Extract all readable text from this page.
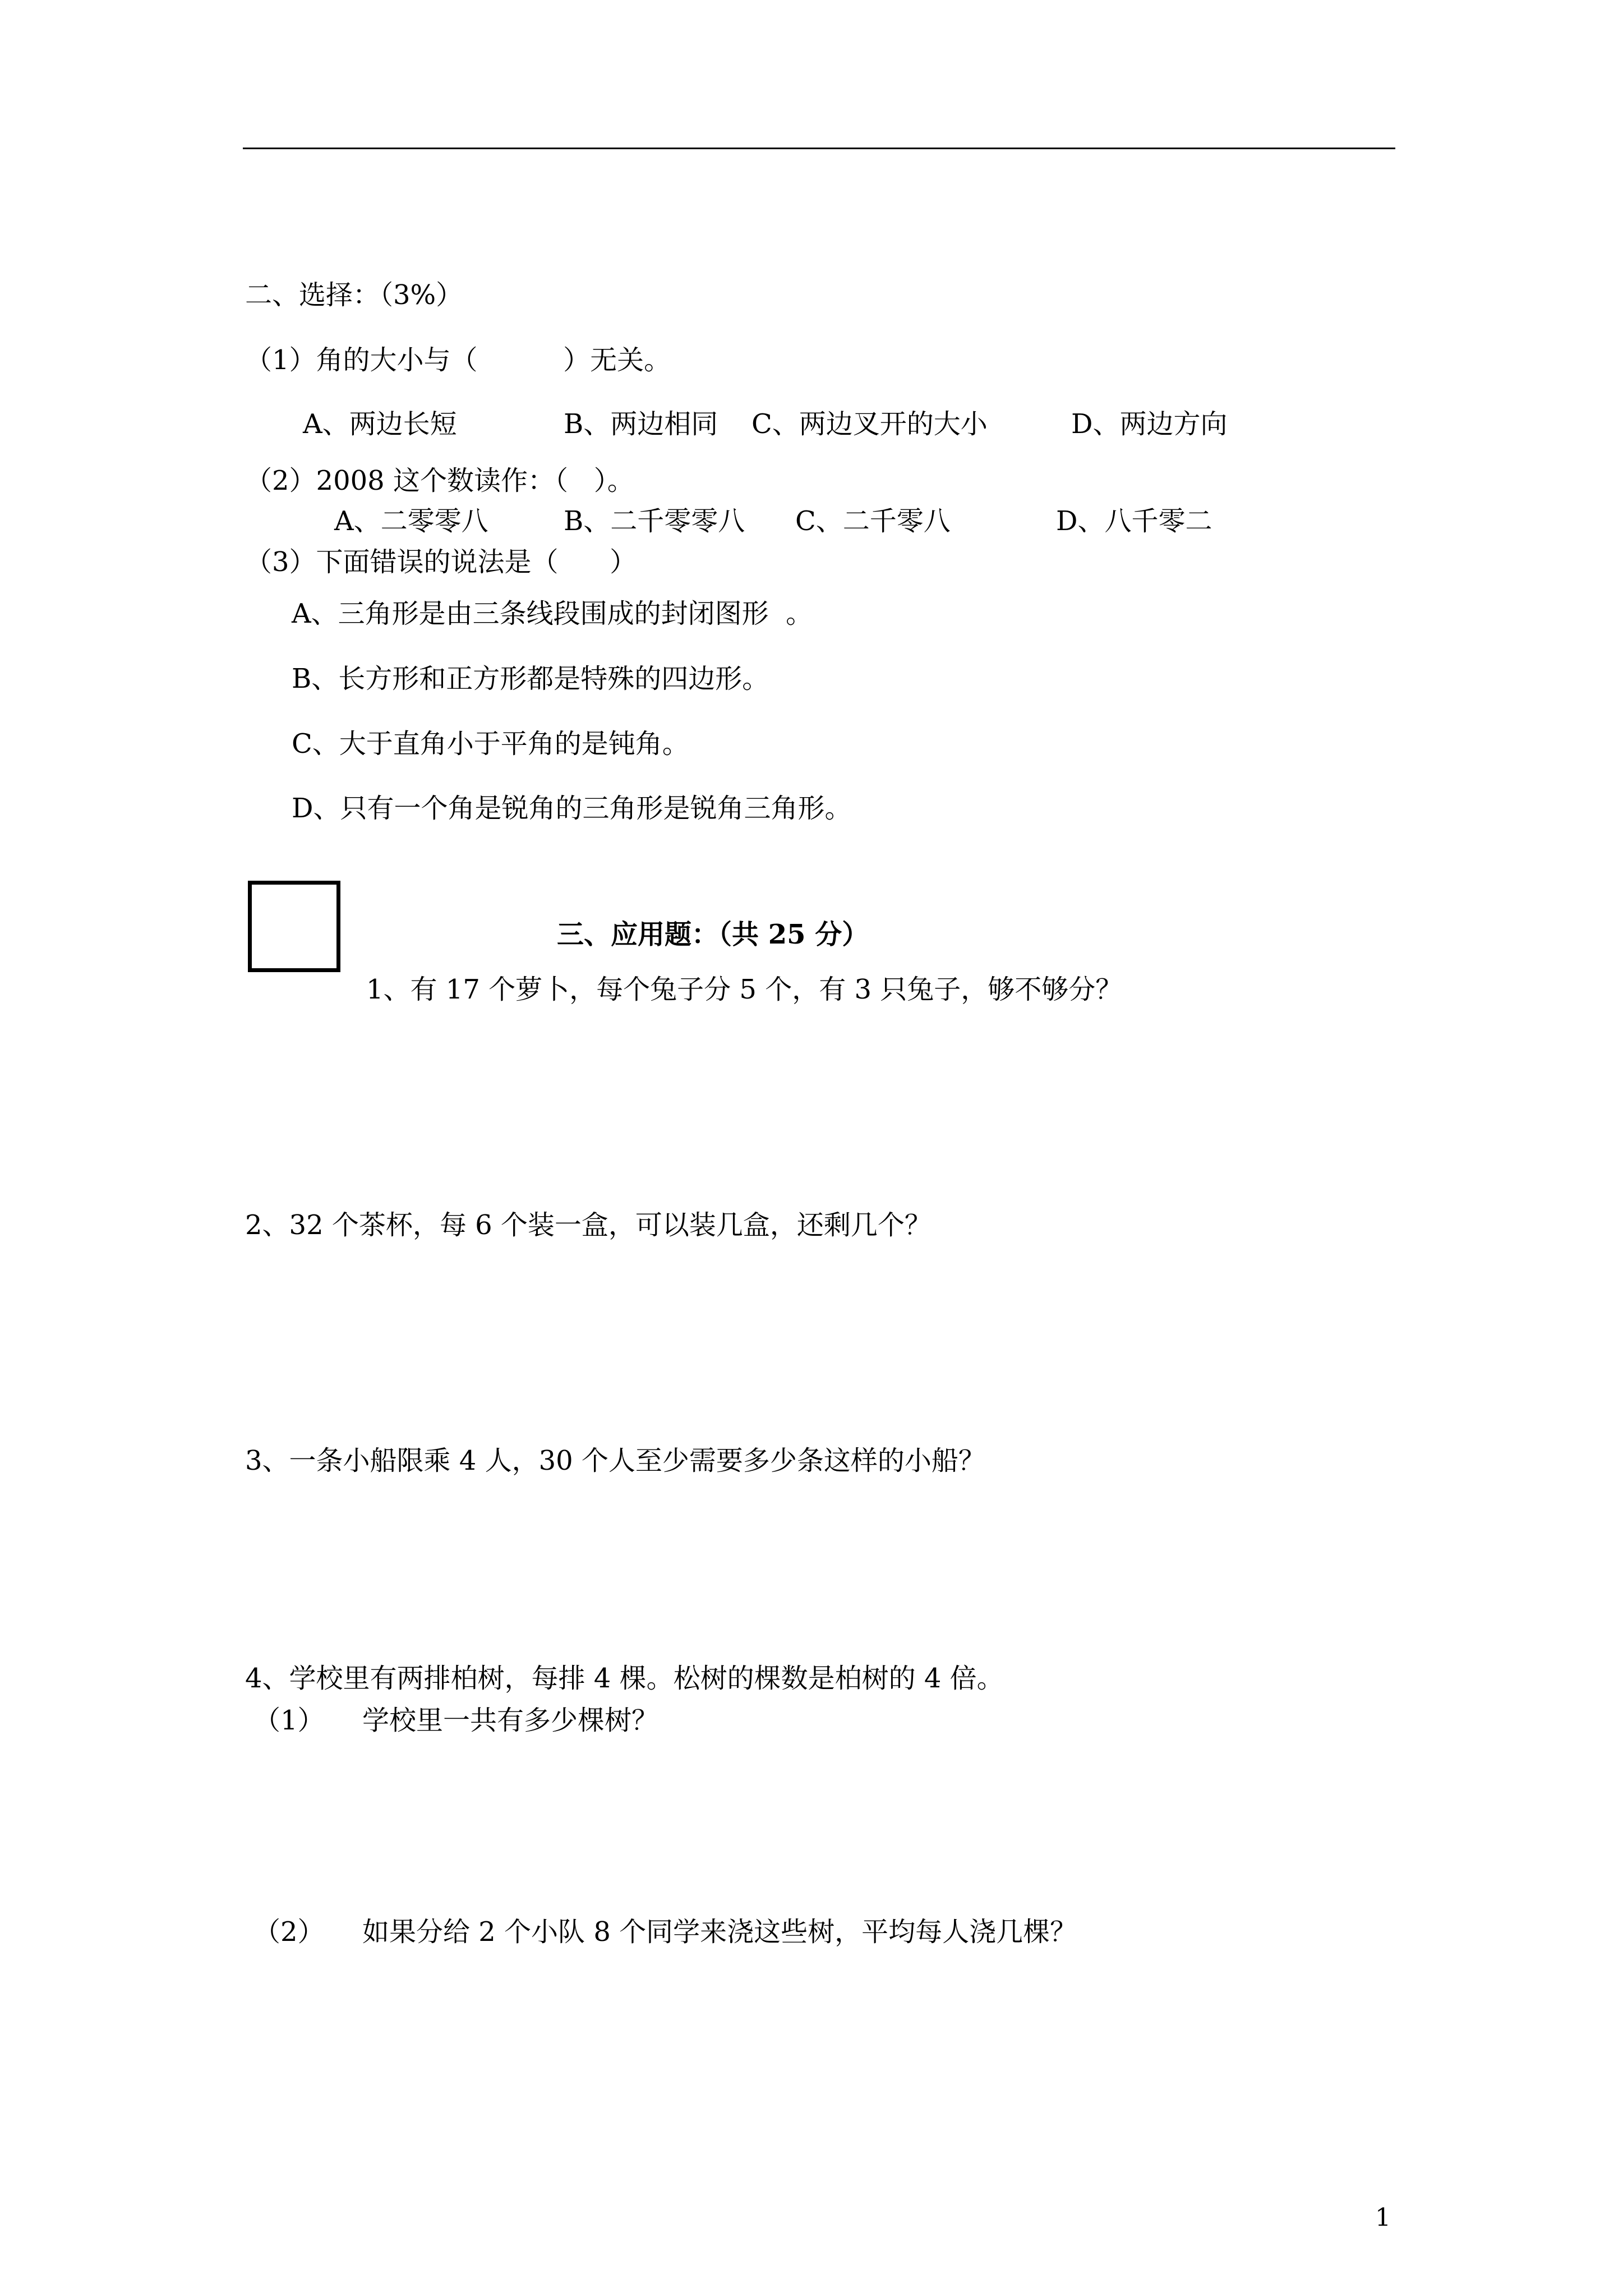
二、选择：（3%）
（1）角的大小与（          ）无关。
A、两边长短	B、两边相同 C、两边叉开的大小	D、两边方向
（2）2008 这个数读作：（   ）。
A、二零零八	B、二千零零八 C、二千零八	D、八千零二
（3）下面错误的说法是（      ）
A、三角形是由三条线段围成的封闭图形  。
B、长方形和正方形都是特殊的四边形。
C、大于直角小于平角的是钝角。
D、只有一个角是锐角的三角形是锐角三角形。
三、应用题：（共 25 分）
1、有 17 个萝卜，每个兔子分 5 个，有 3 只兔子，够不够分？
2、32 个茶杯，每 6 个装一盒，可以装几盒，还剩几个？
3、一条小船限乘 4 人，30 个人至少需要多少条这样的小船？
4、学校里有两排柏树，每排 4 棵。松树的棵数是柏树的 4 倍。
（1） 学校里一共有多少棵树？
（2） 如果分给 2 个小队 8 个同学来浇这些树，平均每人浇几棵？
1
